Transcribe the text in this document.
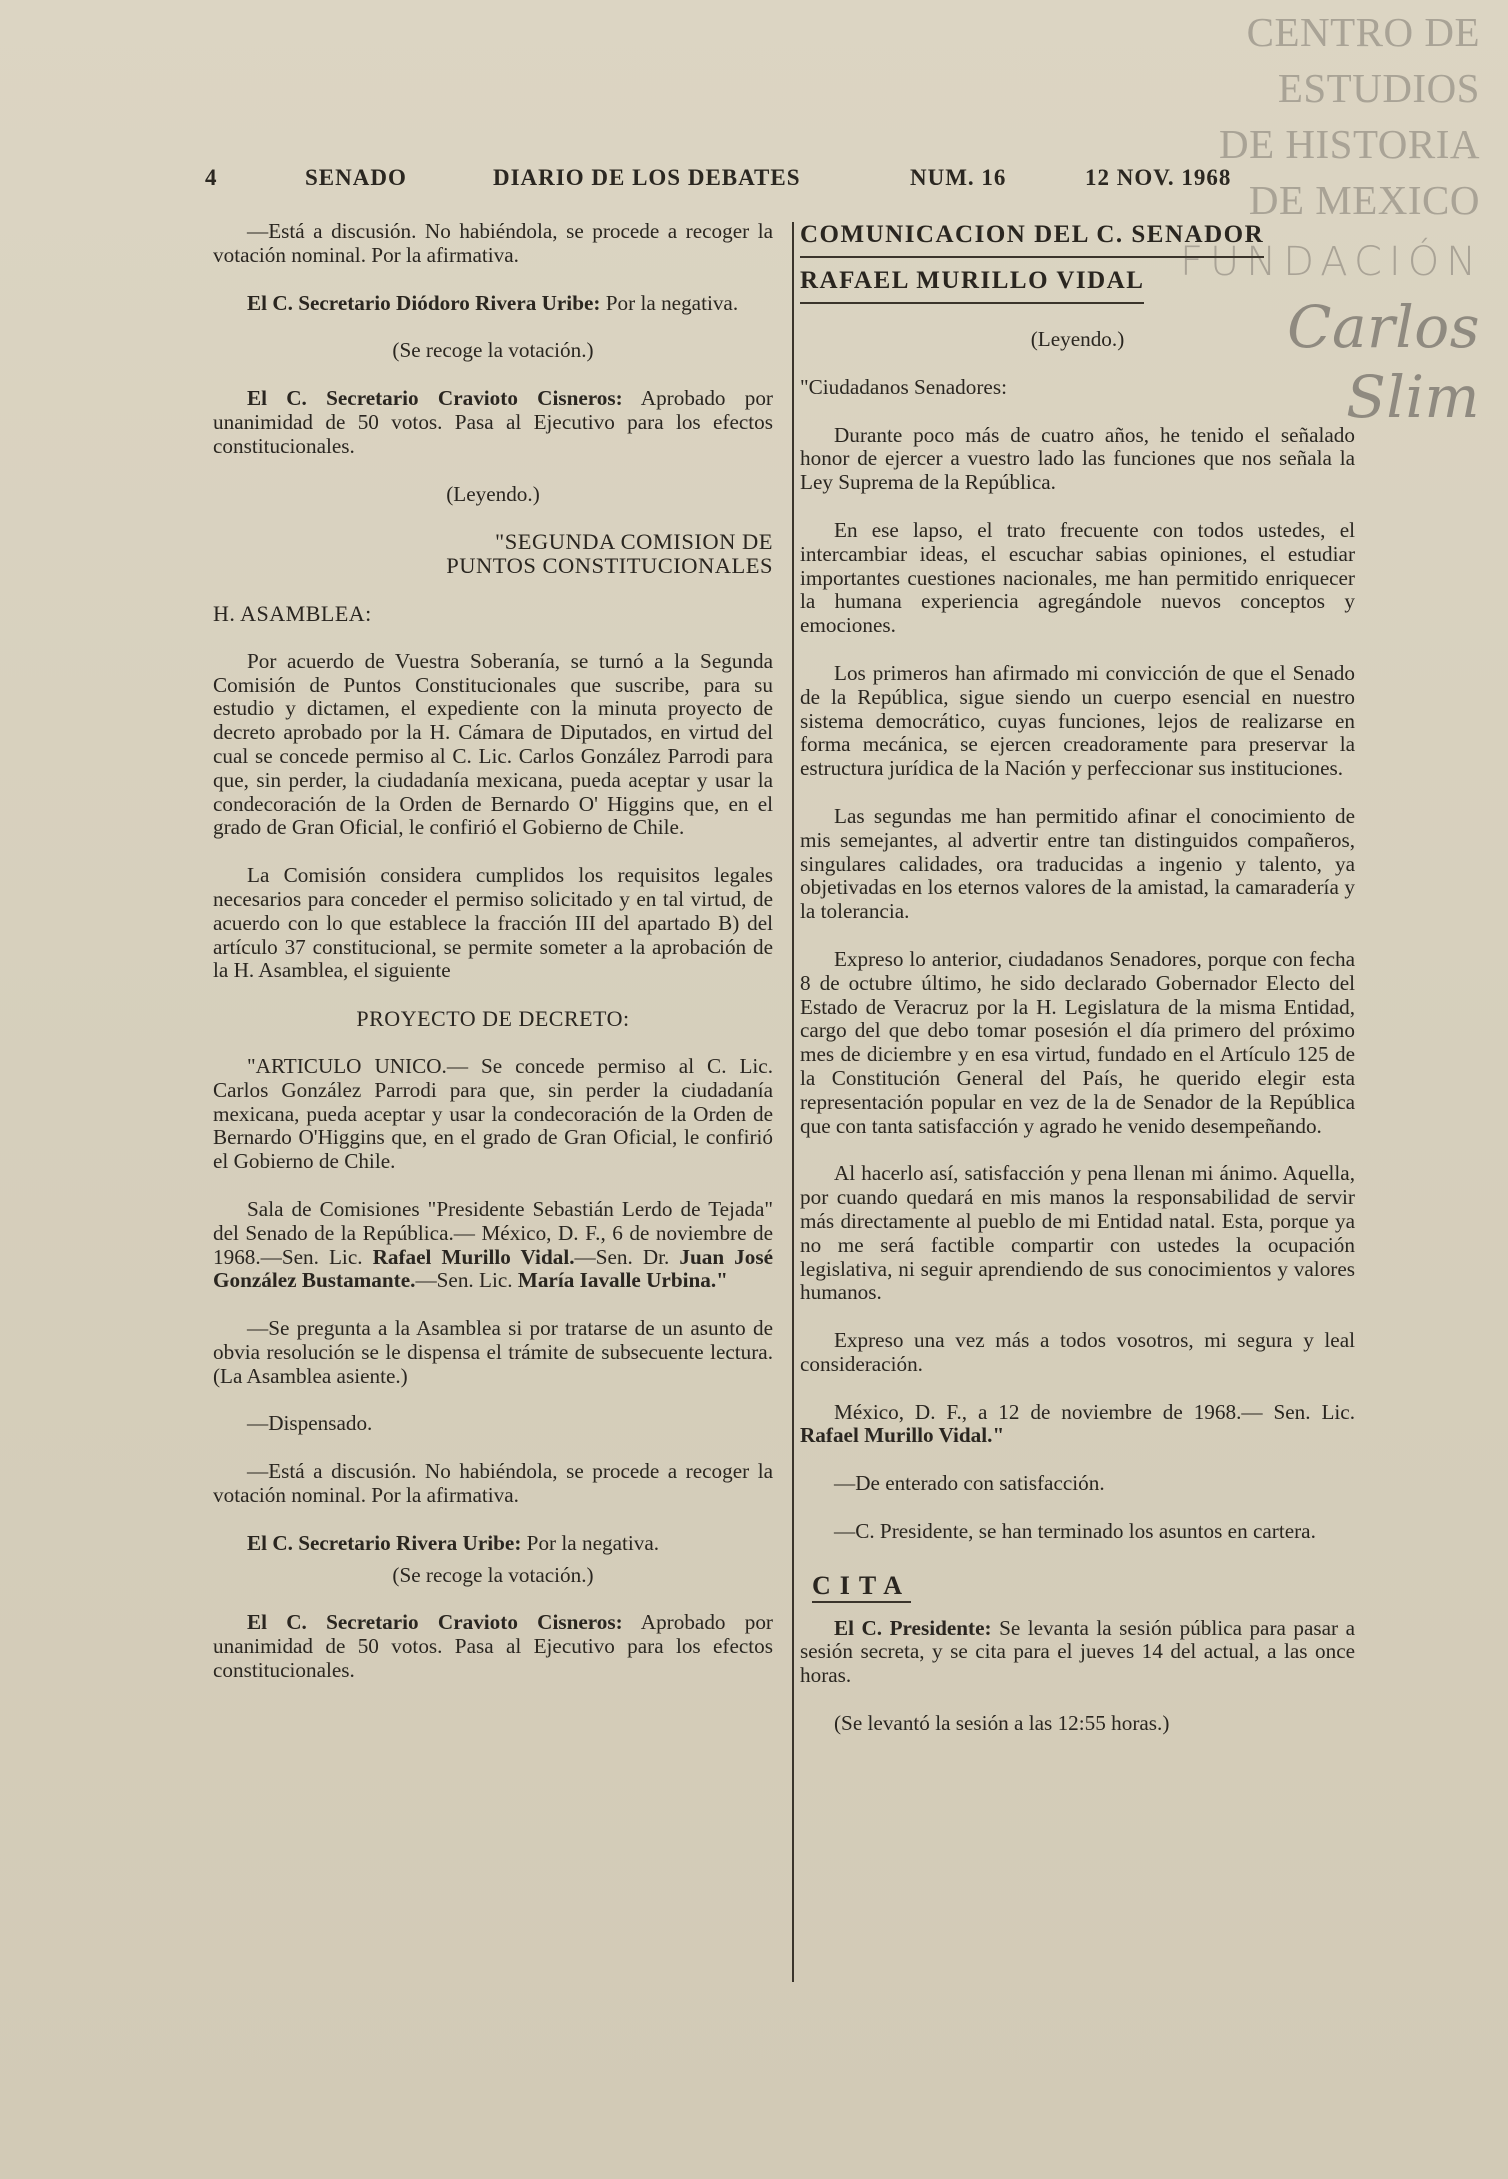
CENTRO DE
ESTUDIOS
DE HISTORIA
DE MEXICO
FUNDACIÓN
Carlos Slim
4	SENADO	DIARIO DE LOS DEBATES	NUM. 16	12 NOV. 1968

—Está a discusión. No habiéndola, se procede a recoger la votación nominal. Por la afirmativa.

El C. Secretario Diódoro Rivera Uribe: Por la negativa.

(Se recoge la votación.)

El C. Secretario Cravioto Cisneros: Aprobado por unanimidad de 50 votos. Pasa al Ejecutivo para los efectos constitucionales.

(Leyendo.)

"SEGUNDA COMISION DE
PUNTOS CONSTITUCIONALES

H. ASAMBLEA:

Por acuerdo de Vuestra Soberanía, se turnó a la Segunda Comisión de Puntos Constitucionales que suscribe, para su estudio y dictamen, el expediente con la minuta proyecto de decreto aprobado por la H. Cámara de Diputados, en virtud del cual se concede permiso al C. Lic. Carlos González Parrodi para que, sin perder, la ciudadanía mexicana, pueda aceptar y usar la condecoración de la Orden de Bernardo O' Higgins que, en el grado de Gran Oficial, le confirió el Gobierno de Chile.

La Comisión considera cumplidos los requisitos legales necesarios para conceder el permiso solicitado y en tal virtud, de acuerdo con lo que establece la fracción III del apartado B) del artículo 37 constitucional, se permite someter a la aprobación de la H. Asamblea, el siguiente

PROYECTO DE DECRETO:

"ARTICULO UNICO.— Se concede permiso al C. Lic. Carlos González Parrodi para que, sin perder la ciudadanía mexicana, pueda aceptar y usar la condecoración de la Orden de Bernardo O'Higgins que, en el grado de Gran Oficial, le confirió el Gobierno de Chile.

Sala de Comisiones "Presidente Sebastián Lerdo de Tejada" del Senado de la República.— México, D. F., 6 de noviembre de 1968.—Sen. Lic. Rafael Murillo Vidal.—Sen. Dr. Juan José González Bustamante.—Sen. Lic. María Iavalle Urbina."

—Se pregunta a la Asamblea si por tratarse de un asunto de obvia resolución se le dispensa el trámite de subsecuente lectura. (La Asamblea asiente.)

—Dispensado.

—Está a discusión. No habiéndola, se procede a recoger la votación nominal. Por la afirmativa.

El C. Secretario Rivera Uribe: Por la negativa.

(Se recoge la votación.)

El C. Secretario Cravioto Cisneros: Aprobado por unanimidad de 50 votos. Pasa al Ejecutivo para los efectos constitucionales.

COMUNICACION DEL C. SENADOR
RAFAEL MURILLO VIDAL

(Leyendo.)

"Ciudadanos Senadores:

Durante poco más de cuatro años, he tenido el señalado honor de ejercer a vuestro lado las funciones que nos señala la Ley Suprema de la República.

En ese lapso, el trato frecuente con todos ustedes, el intercambiar ideas, el escuchar sabias opiniones, el estudiar importantes cuestiones nacionales, me han permitido enriquecer la humana experiencia agregándole nuevos conceptos y emociones.

Los primeros han afirmado mi convicción de que el Senado de la República, sigue siendo un cuerpo esencial en nuestro sistema democrático, cuyas funciones, lejos de realizarse en forma mecánica, se ejercen creadoramente para preservar la estructura jurídica de la Nación y perfeccionar sus instituciones.

Las segundas me han permitido afinar el conocimiento de mis semejantes, al advertir entre tan distinguidos compañeros, singulares calidades, ora traducidas a ingenio y talento, ya objetivadas en los eternos valores de la amistad, la camaradería y la tolerancia.

Expreso lo anterior, ciudadanos Senadores, porque con fecha 8 de octubre último, he sido declarado Gobernador Electo del Estado de Veracruz por la H. Legislatura de la misma Entidad, cargo del que debo tomar posesión el día primero del próximo mes de diciembre y en esa virtud, fundado en el Artículo 125 de la Constitución General del País, he querido elegir esta representación popular en vez de la de Senador de la República que con tanta satisfacción y agrado he venido desempeñando.

Al hacerlo así, satisfacción y pena llenan mi ánimo. Aquella, por cuando quedará en mis manos la responsabilidad de servir más directamente al pueblo de mi Entidad natal. Esta, porque ya no me será factible compartir con ustedes la ocupación legislativa, ni seguir aprendiendo de sus conocimientos y valores humanos.

Expreso una vez más a todos vosotros, mi segura y leal consideración.

México, D. F., a 12 de noviembre de 1968.— Sen. Lic. Rafael Murillo Vidal."

—De enterado con satisfacción.

—C. Presidente, se han terminado los asuntos en cartera.

CITA

El C. Presidente: Se levanta la sesión pública para pasar a sesión secreta, y se cita para el jueves 14 del actual, a las once horas.

(Se levantó la sesión a las 12:55 horas.)
